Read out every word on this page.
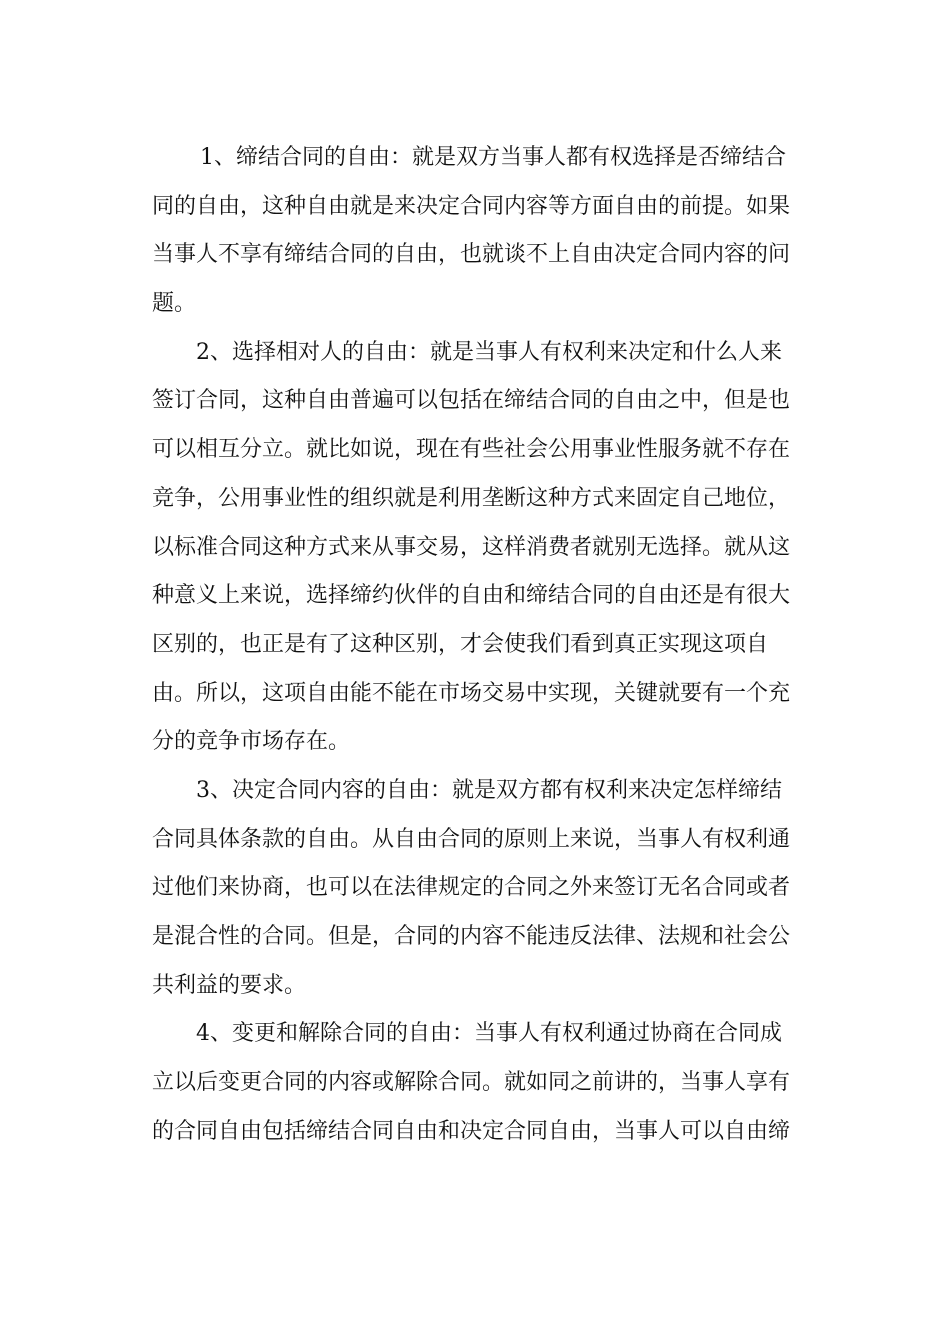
1、缔结合同的自由：就是双方当事人都有权选择是否缔结合
同的自由，这种自由就是来决定合同内容等方面自由的前提。如果
当事人不享有缔结合同的自由，也就谈不上自由决定合同内容的问
题。
2、选择相对人的自由：就是当事人有权利来决定和什么人来
签订合同，这种自由普遍可以包括在缔结合同的自由之中，但是也
可以相互分立。就比如说，现在有些社会公用事业性服务就不存在
竞争，公用事业性的组织就是利用垄断这种方式来固定自己地位，
以标准合同这种方式来从事交易，这样消费者就别无选择。就从这
种意义上来说，选择缔约伙伴的自由和缔结合同的自由还是有很大
区别的，也正是有了这种区别，才会使我们看到真正实现这项自
由。所以，这项自由能不能在市场交易中实现，关键就要有一个充
分的竞争市场存在。
3、决定合同内容的自由：就是双方都有权利来决定怎样缔结
合同具体条款的自由。从自由合同的原则上来说，当事人有权利通
过他们来协商，也可以在法律规定的合同之外来签订无名合同或者
是混合性的合同。但是，合同的内容不能违反法律、法规和社会公
共利益的要求。
4、变更和解除合同的自由：当事人有权利通过协商在合同成
立以后变更合同的内容或解除合同。就如同之前讲的，当事人享有
的合同自由包括缔结合同自由和决定合同自由，当事人可以自由缔
